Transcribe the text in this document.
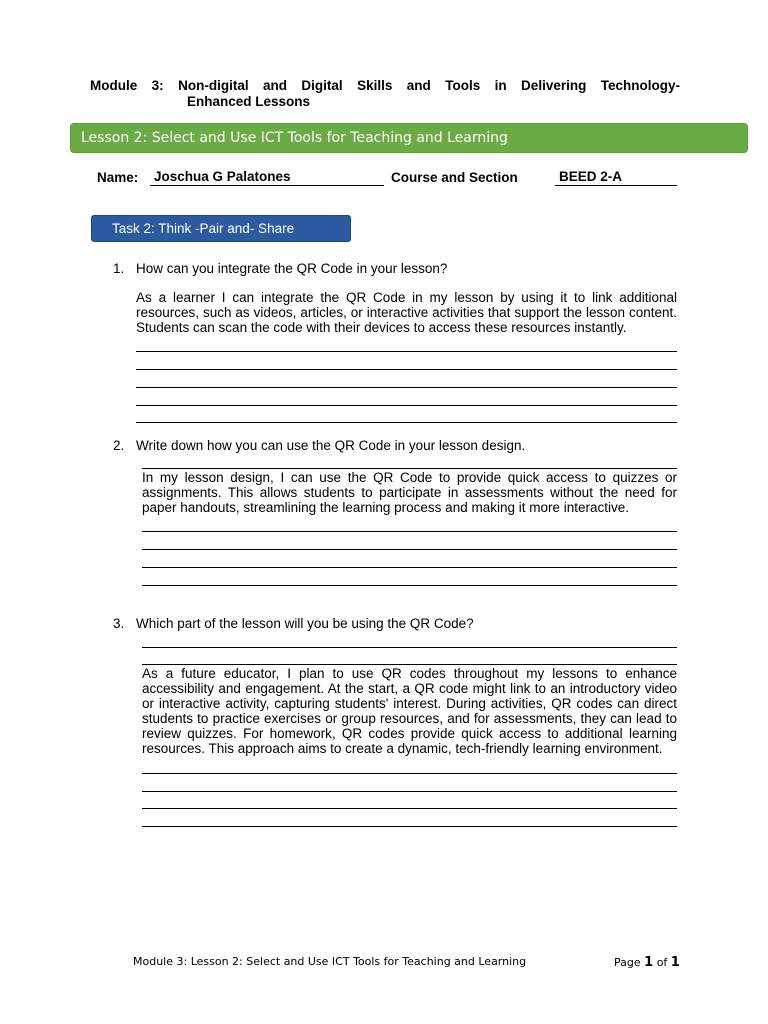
Module 3: Non-digital and Digital Skills and Tools in Delivering Technology-
Enhanced Lessons
Lesson 2: Select and Use ICT Tools for Teaching and Learning
Name: Joschua G Palatones	Course and Section	BEED 2-A
Task 2: Think -Pair and- Share
1. How can you integrate the QR Code in your lesson?
As a learner I can integrate the QR Code in my lesson by using it to link additional resources, such as videos, articles, or interactive activities that support the lesson content. Students can scan the code with their devices to access these resources instantly.
2. Write down how you can use the QR Code in your lesson design.
In my lesson design, I can use the QR Code to provide quick access to quizzes or assignments. This allows students to participate in assessments without the need for paper handouts, streamlining the learning process and making it more interactive.
3. Which part of the lesson will you be using the QR Code?
As a future educator, I plan to use QR codes throughout my lessons to enhance accessibility and engagement. At the start, a QR code might link to an introductory video or interactive activity, capturing students' interest. During activities, QR codes can direct students to practice exercises or group resources, and for assessments, they can lead to review quizzes. For homework, QR codes provide quick access to additional learning resources. This approach aims to create a dynamic, tech-friendly learning environment.
Module 3: Lesson 2: Select and Use ICT Tools for Teaching and Learning	Page 1 of 1
